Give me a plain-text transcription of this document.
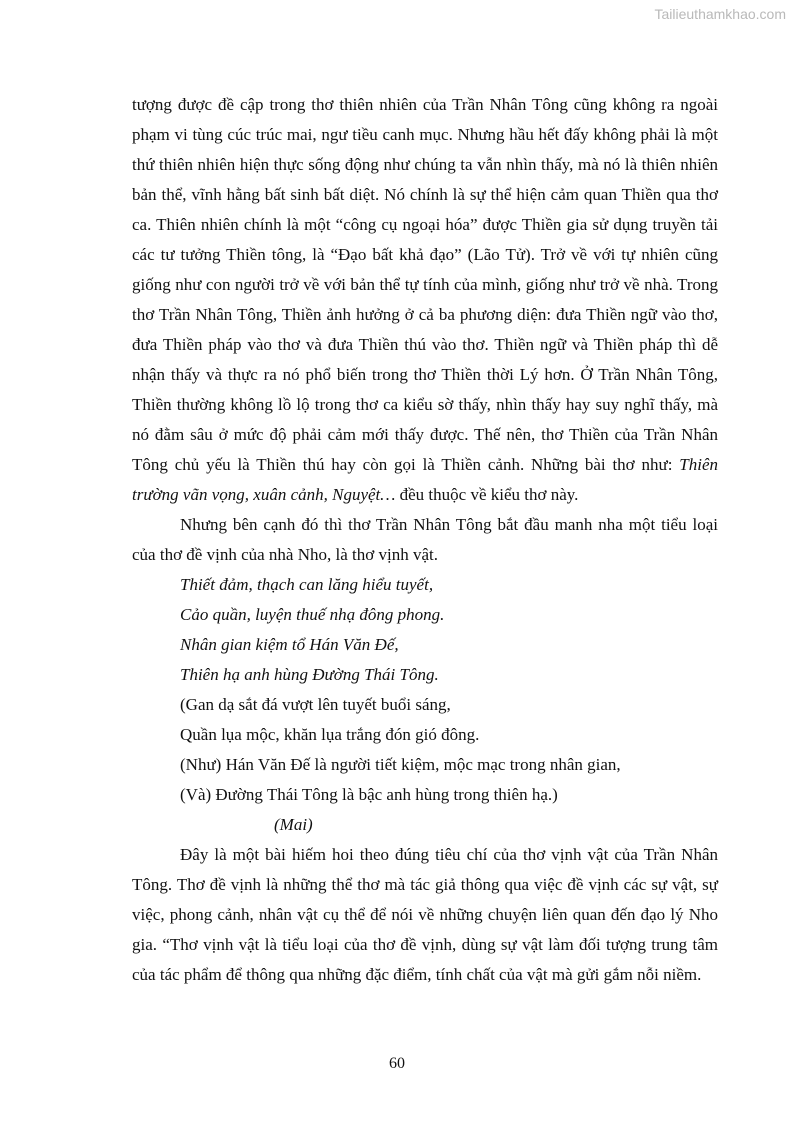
Tailieuthamkhao.com

tượng được đề cập trong thơ thiên nhiên của Trần Nhân Tông cũng không ra ngoài phạm vi tùng cúc trúc mai, ngư tiều canh mục. Nhưng hầu hết đấy không phải là một thứ thiên nhiên hiện thực sống động như chúng ta vẫn nhìn thấy, mà nó là thiên nhiên bản thể, vĩnh hằng bất sinh bất diệt. Nó chính là sự thể hiện cảm quan Thiền qua thơ ca. Thiên nhiên chính là một “công cụ ngoại hóa” được Thiền gia sử dụng truyền tải các tư tưởng Thiền tông, là “Đạo bất khả đạo” (Lão Tử). Trở về với tự nhiên cũng giống như con người trở về với bản thể tự tính của mình, giống như trở về nhà. Trong thơ Trần Nhân Tông, Thiền ảnh hưởng ở cả ba phương diện: đưa Thiền ngữ vào thơ, đưa Thiền pháp vào thơ và đưa Thiền thú vào thơ. Thiền ngữ và Thiền pháp thì dễ nhận thấy và thực ra nó phổ biến trong thơ Thiền thời Lý hơn. Ở Trần Nhân Tông, Thiền thường không lồ lộ trong thơ ca kiểu sờ thấy, nhìn thấy hay suy nghĩ thấy, mà nó đằm sâu ở mức độ phải cảm mới thấy được. Thế nên, thơ Thiền của Trần Nhân Tông chủ yếu là Thiền thú hay còn gọi là Thiền cảnh. Những bài thơ như: Thiên trường vãn vọng, xuân cảnh, Nguyệt… đều thuộc về kiểu thơ này.

Nhưng bên cạnh đó thì thơ Trần Nhân Tông bắt đầu manh nha một tiểu loại của thơ đề vịnh của nhà Nho, là thơ vịnh vật.

Thiết đảm, thạch can lăng hiểu tuyết,

Cảo quần, luyện thuế nhạ đông phong.

Nhân gian kiệm tổ Hán Văn Đế,

Thiên hạ anh hùng Đường Thái Tông.

(Gan dạ sắt đá vượt lên tuyết buổi sáng,

Quần lụa mộc, khăn lụa trắng đón gió đông.

(Như) Hán Văn Đế là người tiết kiệm, mộc mạc trong nhân gian,

(Và) Đường Thái Tông là bậc anh hùng trong thiên hạ.)

(Mai)

Đây là một bài hiếm hoi theo đúng tiêu chí của thơ vịnh vật của Trần Nhân Tông. Thơ đề vịnh là những thể thơ mà tác giả thông qua việc đề vịnh các sự vật, sự việc, phong cảnh, nhân vật cụ thể để nói về những chuyện liên quan đến đạo lý Nho gia. “Thơ vịnh vật là tiểu loại của thơ đề vịnh, dùng sự vật làm đối tượng trung tâm của tác phẩm để thông qua những đặc điểm, tính chất của vật mà gửi gắm nỗi niềm.

60
